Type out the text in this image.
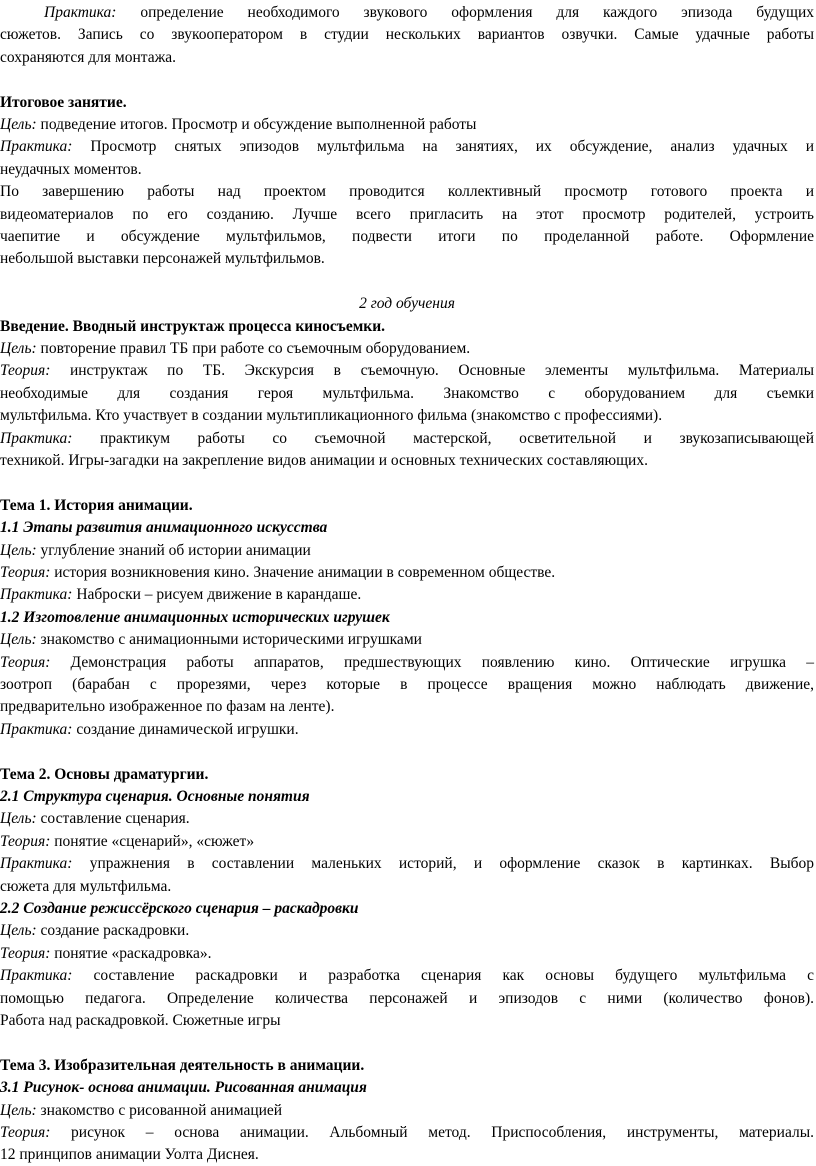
Практика: определение необходимого звукового оформления для каждого эпизода будущих
сюжетов. Запись со звукооператором в студии нескольких вариантов озвучки. Самые удачные работы
сохраняются для монтажа.
Итоговое занятие.
Цель: подведение итогов. Просмотр и обсуждение выполненной работы
Практика: Просмотр снятых эпизодов мультфильма на занятиях, их обсуждение, анализ удачных и
неудачных моментов.
По завершению работы над проектом проводится коллективный просмотр готового проекта и
видеоматериалов по его созданию. Лучше всего пригласить на этот просмотр родителей, устроить
чаепитие и обсуждение мультфильмов, подвести итоги по проделанной работе. Оформление
небольшой выставки персонажей мультфильмов.
2 год обучения
Введение. Вводный инструктаж процесса киносъемки.
Цель: повторение правил ТБ при работе со съемочным оборудованием.
Теория: инструктаж по ТБ. Экскурсия в съемочную. Основные элементы мультфильма. Материалы
необходимые для создания героя мультфильма. Знакомство с оборудованием для съемки
мультфильма. Кто участвует в создании мультипликационного фильма (знакомство с профессиями).
Практика: практикум работы со съемочной мастерской, осветительной и звукозаписывающей
техникой. Игры-загадки на закрепление видов анимации и основных технических составляющих.
Тема 1. История анимации.
1.1 Этапы развития анимационного искусства
Цель: углубление знаний об истории анимации
Теория: история возникновения кино. Значение анимации в современном обществе.
Практика: Наброски – рисуем движение в карандаше.
1.2 Изготовление анимационных исторических игрушек
Цель: знакомство с анимационными историческими игрушками
Теория: Демонстрация работы аппаратов, предшествующих появлению кино. Оптические игрушка –
зоотроп (барабан с прорезями, через которые в процессе вращения можно наблюдать движение,
предварительно изображенное по фазам на ленте).
Практика: создание динамической игрушки.
Тема 2. Основы драматургии.
2.1 Структура сценария. Основные понятия
Цель: составление сценария.
Теория: понятие «сценарий», «сюжет»
Практика: упражнения в составлении маленьких историй, и оформление сказок в картинках. Выбор
сюжета для мультфильма.
2.2 Создание режиссёрского сценария – раскадровки
Цель: создание раскадровки.
Теория: понятие «раскадровка».
Практика: составление раскадровки и разработка сценария как основы будущего мультфильма с
помощью педагога. Определение количества персонажей и эпизодов с ними (количество фонов).
Работа над раскадровкой. Сюжетные игры
Тема 3. Изобразительная деятельность в анимации.
3.1 Рисунок- основа анимации. Рисованная анимация
Цель: знакомство с рисованной анимацией
Теория: рисунок – основа анимации. Альбомный метод. Приспособления, инструменты, материалы.
12 принципов анимации Уолта Диснея.
